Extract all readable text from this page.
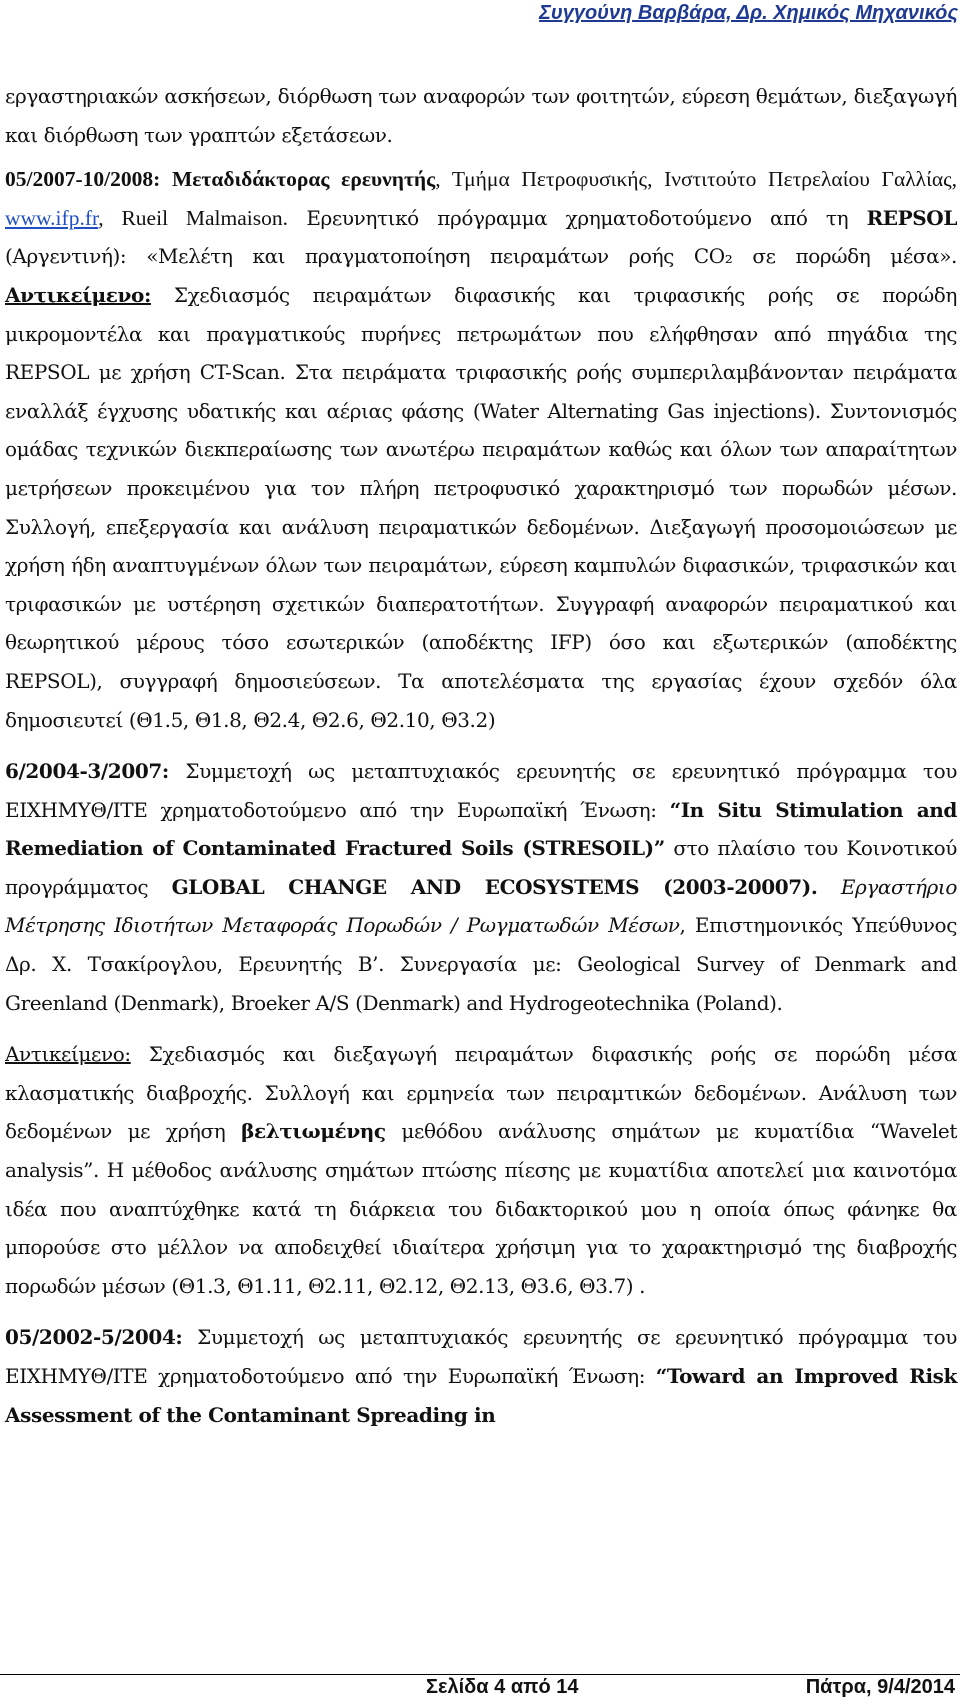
Συγγούνη Βαρβάρα, Δρ. Χημικός Μηχανικός

εργαστηριακών ασκήσεων, διόρθωση των αναφορών των φοιτητών, εύρεση θεμάτων, διεξαγωγή και διόρθωση των γραπτών εξετάσεων.

05/2007-10/2008: Μεταδιδάκτορας ερευνητής, Τμήμα Πετροφυσικής, Ινστιτούτο Πετρελαίου Γαλλίας, www.ifp.fr, Rueil Malmaison. Ερευνητικό πρόγραμμα χρηματοδοτούμενο από τη REPSOL (Αργεντινή): «Μελέτη και πραγματοποίηση πειραμάτων ροής CO₂ σε πορώδη μέσα». Αντικείμενο: Σχεδιασμός πειραμάτων διφασικής και τριφασικής ροής σε πορώδη μικρομοντέλα και πραγματικούς πυρήνες πετρωμάτων που ελήφθησαν από πηγάδια της REPSOL με χρήση CT-Scan. Στα πειράματα τριφασικής ροής συμπεριλαμβάνονταν πειράματα εναλλάξ έγχυσης υδατικής και αέριας φάσης (Water Alternating Gas injections). Συντονισμός ομάδας τεχνικών διεκπεραίωσης των ανωτέρω πειραμάτων καθώς και όλων των απαραίτητων μετρήσεων προκειμένου για τον πλήρη πετροφυσικό χαρακτηρισμό των πορωδών μέσων. Συλλογή, επεξεργασία και ανάλυση πειραματικών δεδομένων. Διεξαγωγή προσομοιώσεων με χρήση ήδη αναπτυγμένων όλων των πειραμάτων, εύρεση καμπυλών διφασικών, τριφασικών και τριφασικών με υστέρηση σχετικών διαπερατοτήτων. Συγγραφή αναφορών πειραματικού και θεωρητικού μέρους τόσο εσωτερικών (αποδέκτης IFP) όσο και εξωτερικών (αποδέκτης REPSOL), συγγραφή δημοσιεύσεων. Τα αποτελέσματα της εργασίας έχουν σχεδόν όλα δημοσιευτεί (Θ1.5, Θ1.8, Θ2.4, Θ2.6, Θ2.10, Θ3.2)

6/2004-3/2007: Συμμετοχή ως μεταπτυχιακός ερευνητής σε ερευνητικό πρόγραμμα του ΕΙΧΗΜΥΘ/ΙΤΕ χρηματοδοτούμενο από την Ευρωπαϊκή Ένωση: “In Situ Stimulation and Remediation of Contaminated Fractured Soils (STRESOIL)” στο πλαίσιο του Κοινοτικού προγράμματος GLOBAL CHANGE AND ECOSYSTEMS (2003-20007). Εργαστήριο Μέτρησης Ιδιοτήτων Μεταφοράς Πορωδών / Ρωγματωδών Μέσων, Επιστημονικός Υπεύθυνος Δρ. Χ. Τσακίρογλου, Ερευνητής Β’. Συνεργασία με: Geological Survey of Denmark and Greenland (Denmark), Broeker A/S (Denmark) and Hydrogeotechnika (Poland).

Αντικείμενο: Σχεδιασμός και διεξαγωγή πειραμάτων διφασικής ροής σε πορώδη μέσα κλασματικής διαβροχής. Συλλογή και ερμηνεία των πειραμτικών δεδομένων. Ανάλυση των δεδομένων με χρήση βελτιωμένης μεθόδου ανάλυσης σημάτων με κυματίδια “Wavelet analysis”. Η μέθοδος ανάλυσης σημάτων πτώσης πίεσης με κυματίδια αποτελεί μια καινοτόμα ιδέα που αναπτύχθηκε κατά τη διάρκεια του διδακτορικού μου η οποία όπως φάνηκε θα μπορούσε στο μέλλον να αποδειχθεί ιδιαίτερα χρήσιμη για το χαρακτηρισμό της διαβροχής πορωδών μέσων (Θ1.3, Θ1.11, Θ2.11, Θ2.12, Θ2.13, Θ3.6, Θ3.7) .

05/2002-5/2004: Συμμετοχή ως μεταπτυχιακός ερευνητής σε ερευνητικό πρόγραμμα του ΕΙΧΗΜΥΘ/ΙΤΕ χρηματοδοτούμενο από την Ευρωπαϊκή Ένωση: “Toward an Improved Risk Assessment of the Contaminant Spreading in

Σελίδα 4 από 14	Πάτρα, 9/4/2014
